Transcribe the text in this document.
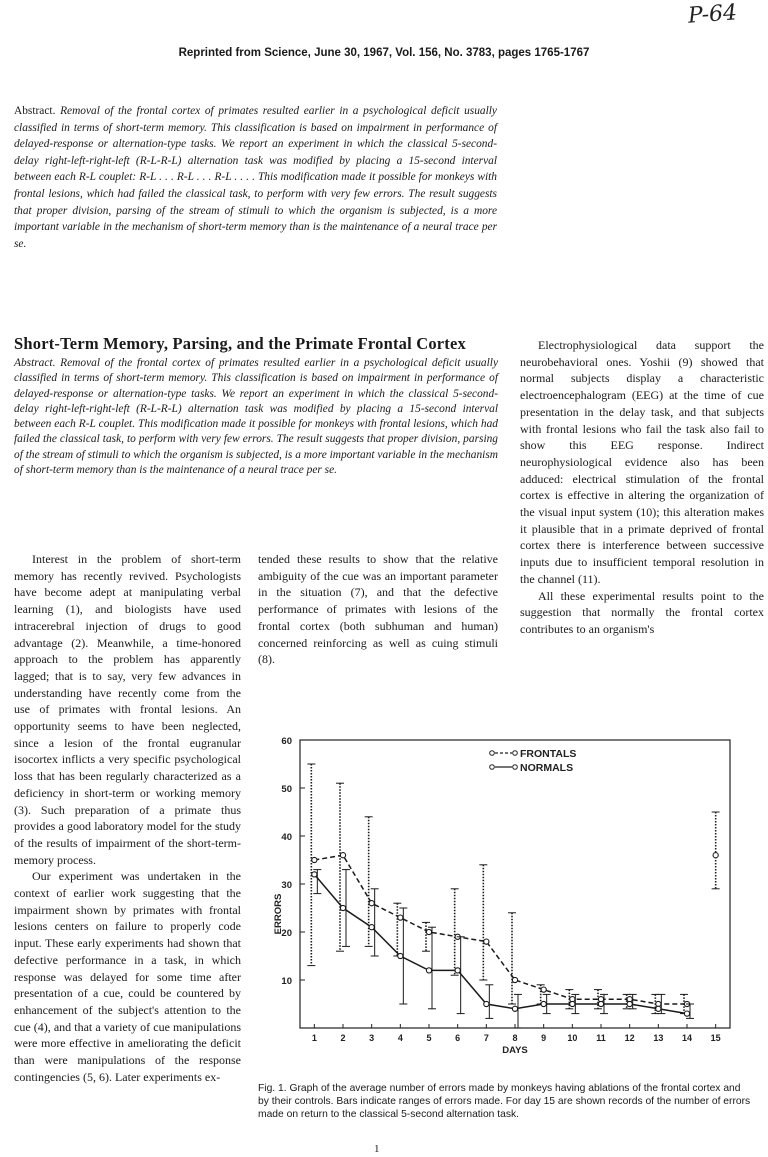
P-64
Reprinted from Science, June 30, 1967, Vol. 156, No. 3783, pages 1765-1767
Abstract. Removal of the frontal cortex of primates resulted earlier in a psychological deficit usually classified in terms of short-term memory. This classification is based on impairment in performance of delayed-response or alternation-type tasks. We report an experiment in which the classical 5-second-delay right-left-right-left (R-L-R-L) alternation task was modified by placing a 15-second interval between each R-L couplet: R-L . . . R-L . . . R-L . . . . This modification made it possible for monkeys with frontal lesions, which had failed the classical task, to perform with very few errors. The result suggests that proper division, parsing of the stream of stimuli to which the organism is subjected, is a more important variable in the mechanism of short-term memory than is the maintenance of a neural trace per se.
Short-Term Memory, Parsing, and the Primate Frontal Cortex
Abstract. Removal of the frontal cortex of primates resulted earlier in a psychological deficit usually classified in terms of short-term memory. This classification is based on impairment in performance of delayed-response or alternation-type tasks. We report an experiment in which the classical 5-second-delay right-left-right-left (R-L-R-L) alternation task was modified by placing a 15-second interval between each R-L couplet. This modification made it possible for monkeys with frontal lesions, which had failed the classical task, to perform with very few errors. The result suggests that proper division, parsing of the stream of stimuli to which the organism is subjected, is a more important variable in the mechanism of short-term memory than is the maintenance of a neural trace per se.

Interest in the problem of short-term memory has recently revived. Psychologists have become adept at manipulating verbal learning (1), and biologists have used intracerebral injection of drugs to good advantage (2). Meanwhile, a time-honored approach to the problem has apparently lagged; that is to say, very few advances in understanding have recently come from the use of primates with frontal lesions. An opportunity seems to have been neglected, since a lesion of the frontal eugranular isocortex inflicts a very specific psychological loss that has been regularly characterized as a deficiency in short-term or working memory (3). Such preparation of a primate thus provides a good laboratory model for the study of the results of impairment of the short-term-memory process.

Our experiment was undertaken in the context of earlier work suggesting that the impairment shown by primates with frontal lesions centers on failure to properly code input. These early experiments had shown that defective performance in a task, in which response was delayed for some time after presentation of a cue, could be countered by enhancement of the subject's attention to the cue (4), and that a variety of cue manipulations were more effective in ameliorating the deficit than were manipulations of the response contingencies (5, 6). Later experiments ex-

tended these results to show that the relative ambiguity of the cue was an important parameter in the situation (7), and that the defective performance of primates with lesions of the frontal cortex (both subhuman and human) concerned reinforcing as well as cuing stimuli (8).

Electrophysiological data support the neurobehavioral ones. Yoshii (9) showed that normal subjects display a characteristic electroencephalogram (EEG) at the time of cue presentation in the delay task, and that subjects with frontal lesions who fail the task also fail to show this EEG response. Indirect neurophysiological evidence also has been adduced: electrical stimulation of the frontal cortex is effective in altering the organization of the visual input system (10); this alteration makes it plausible that in a primate deprived of frontal cortex there is interference between successive inputs due to insufficient temporal resolution in the channel (11).

All these experimental results point to the suggestion that normally the frontal cortex contributes to an organism's

10
20
30
40
50
60
1	2	3	4	5	6	7	8	9 10 11 12 13 14 15
DAYS
ERRORS
FRONTALS
NORMALS
Fig. 1. Graph of the average number of errors made by monkeys having ablations of the frontal cortex and by their controls. Bars indicate ranges of errors made. For day 15 are shown records of the number of errors made on return to the classical 5-second alternation task.
1
